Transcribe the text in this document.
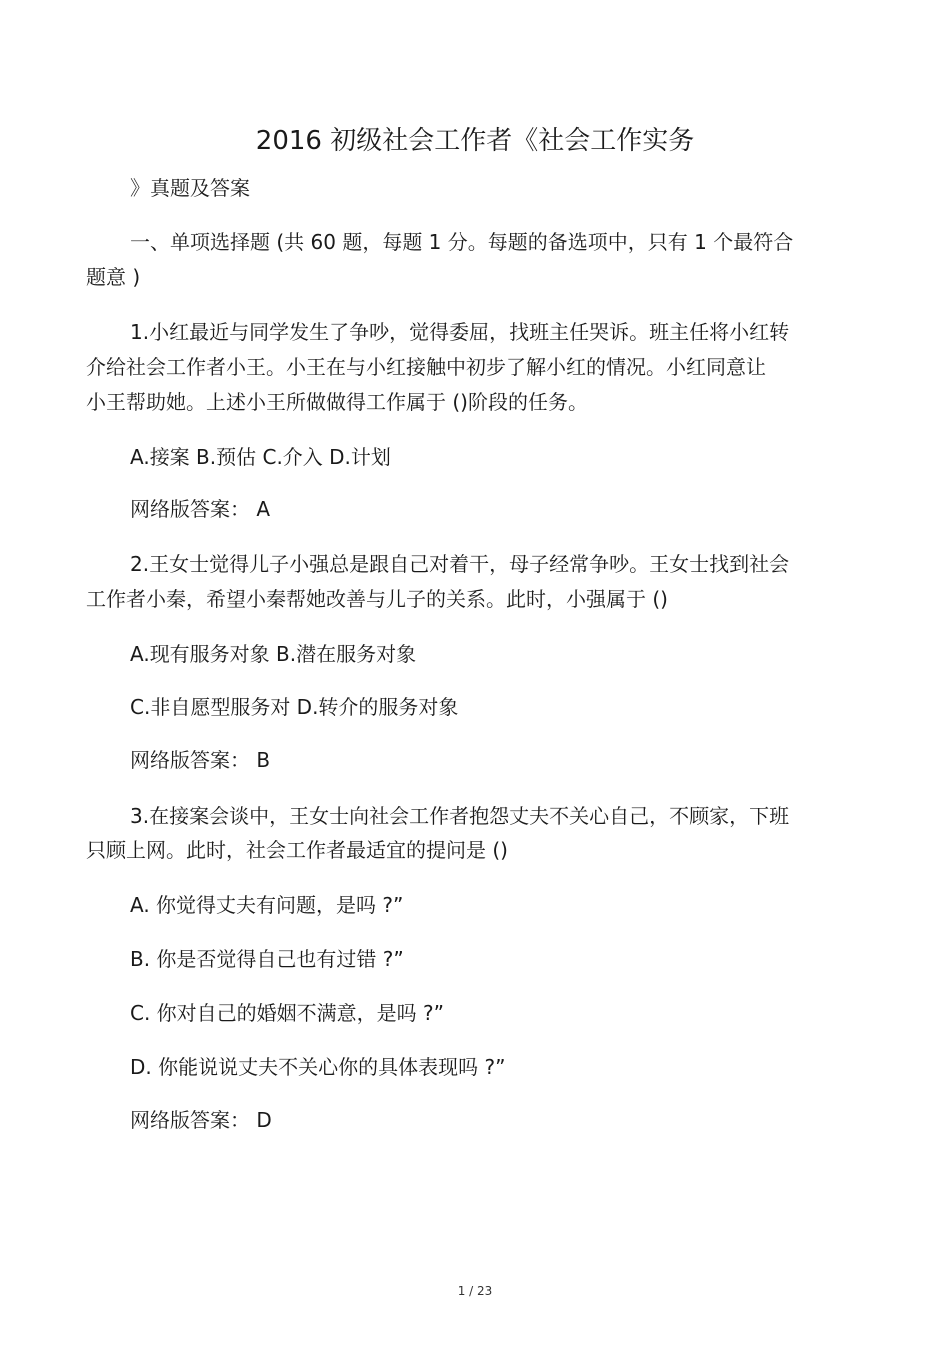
2016 初级社会工作者《社会工作实务
》真题及答案
一、单项选择题 (共 60 题，每题 1 分。每题的备选项中，只有 1 个最符合
题意 )
1.小红最近与同学发生了争吵，觉得委屈，找班主任哭诉。班主任将小红转
介给社会工作者小王。小王在与小红接触中初步了解小红的情况。小红同意让
小王帮助她。上述小王所做做得工作属于 ()阶段的任务。
A.接案 B.预估 C.介入 D.计划
网络版答案： A
2.王女士觉得儿子小强总是跟自己对着干，母子经常争吵。王女士找到社会
工作者小秦，希望小秦帮她改善与儿子的关系。此时，小强属于 ()
A.现有服务对象 B.潜在服务对象
C.非自愿型服务对 D.转介的服务对象
网络版答案： B
3.在接案会谈中，王女士向社会工作者抱怨丈夫不关心自己，不顾家，下班
只顾上网。此时，社会工作者最适宜的提问是 ()
A. 你觉得丈夫有问题，是吗 ?”
B. 你是否觉得自己也有过错 ?”
C. 你对自己的婚姻不满意，是吗 ?”
D. 你能说说丈夫不关心你的具体表现吗 ?”
网络版答案： D
1 / 23
